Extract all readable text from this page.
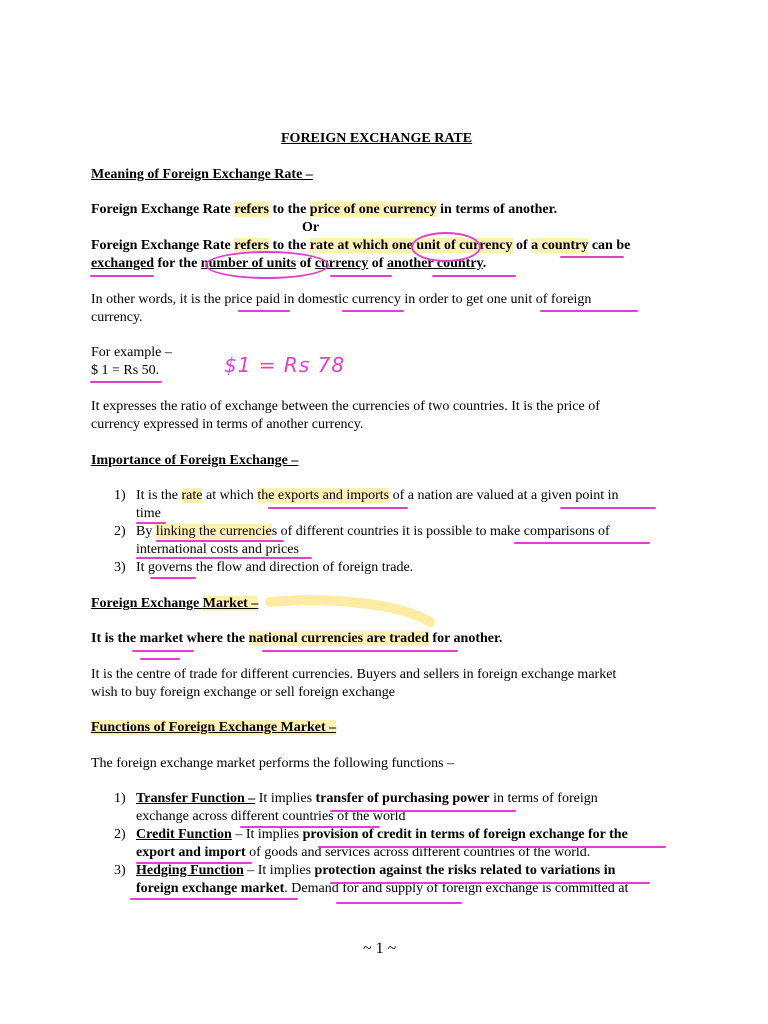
FOREIGN EXCHANGE RATE
Meaning of Foreign Exchange Rate –
Foreign Exchange Rate refers to the price of one currency in terms of another.
Or
Foreign Exchange Rate refers to the rate at which one unit of currency of a country can be
exchanged for the number of units of currency of another country.
In other words, it is the price paid in domestic currency in order to get one unit of foreign
currency.
For example –
$ 1 = Rs 50.	$1 = Rs 78
It expresses the ratio of exchange between the currencies of two countries. It is the price of
currency expressed in terms of another currency.
Importance of Foreign Exchange –
1) It is the rate at which the exports and imports of a nation are valued at a given point in
time
2) By linking the currencies of different countries it is possible to make comparisons of
international costs and prices
3) It governs the flow and direction of foreign trade.
Foreign Exchange Market –
It is the market where the national currencies are traded for another.
It is the centre of trade for different currencies. Buyers and sellers in foreign exchange market
wish to buy foreign exchange or sell foreign exchange
Functions of Foreign Exchange Market –
The foreign exchange market performs the following functions –
1) Transfer Function – It implies transfer of purchasing power in terms of foreign
exchange across different countries of the world
2) Credit Function – It implies provision of credit in terms of foreign exchange for the
export and import of goods and services across different countries of the world.
3) Hedging Function – It implies protection against the risks related to variations in
foreign exchange market. Demand for and supply of foreign exchange is committed at
~ 1 ~
